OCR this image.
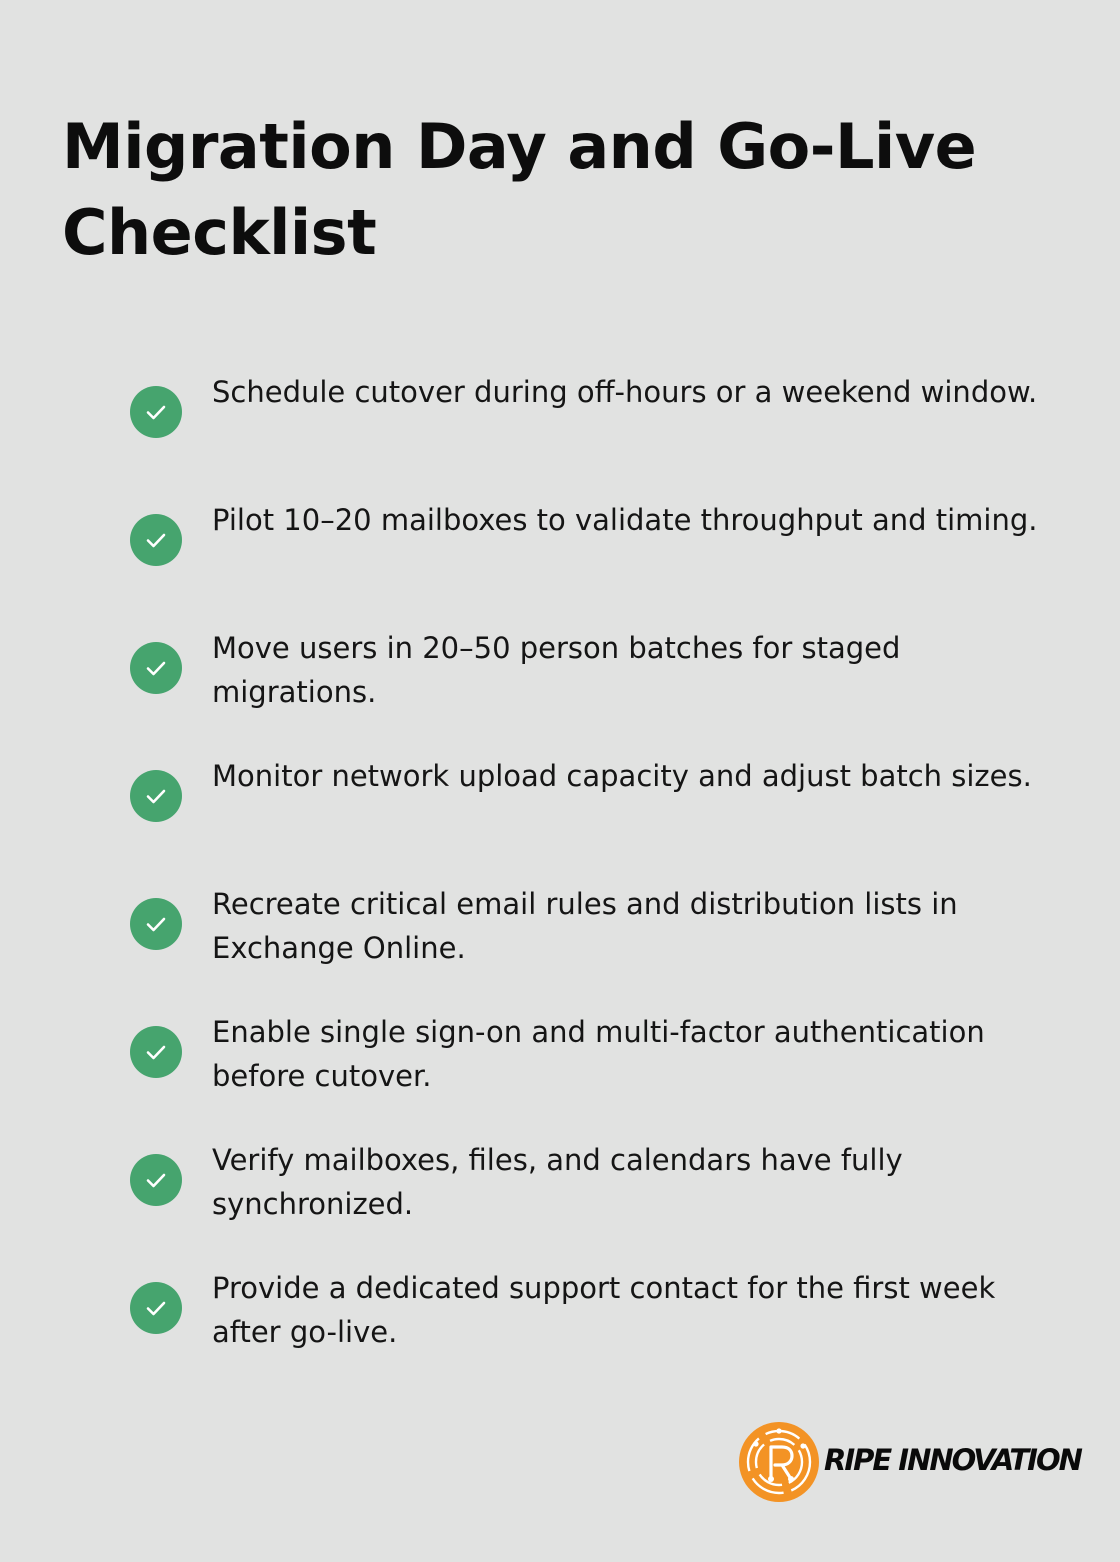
Migration Day and Go-Live Checklist
Schedule cutover during off-hours or a weekend window.
Pilot 10–20 mailboxes to validate throughput and timing.
Move users in 20–50 person batches for staged migrations.
Monitor network upload capacity and adjust batch sizes.
Recreate critical email rules and distribution lists in Exchange Online.
Enable single sign-on and multi-factor authentication before cutover.
Verify mailboxes, files, and calendars have fully synchronized.
Provide a dedicated support contact for the first week after go-live.
RIPE INNOVATION
